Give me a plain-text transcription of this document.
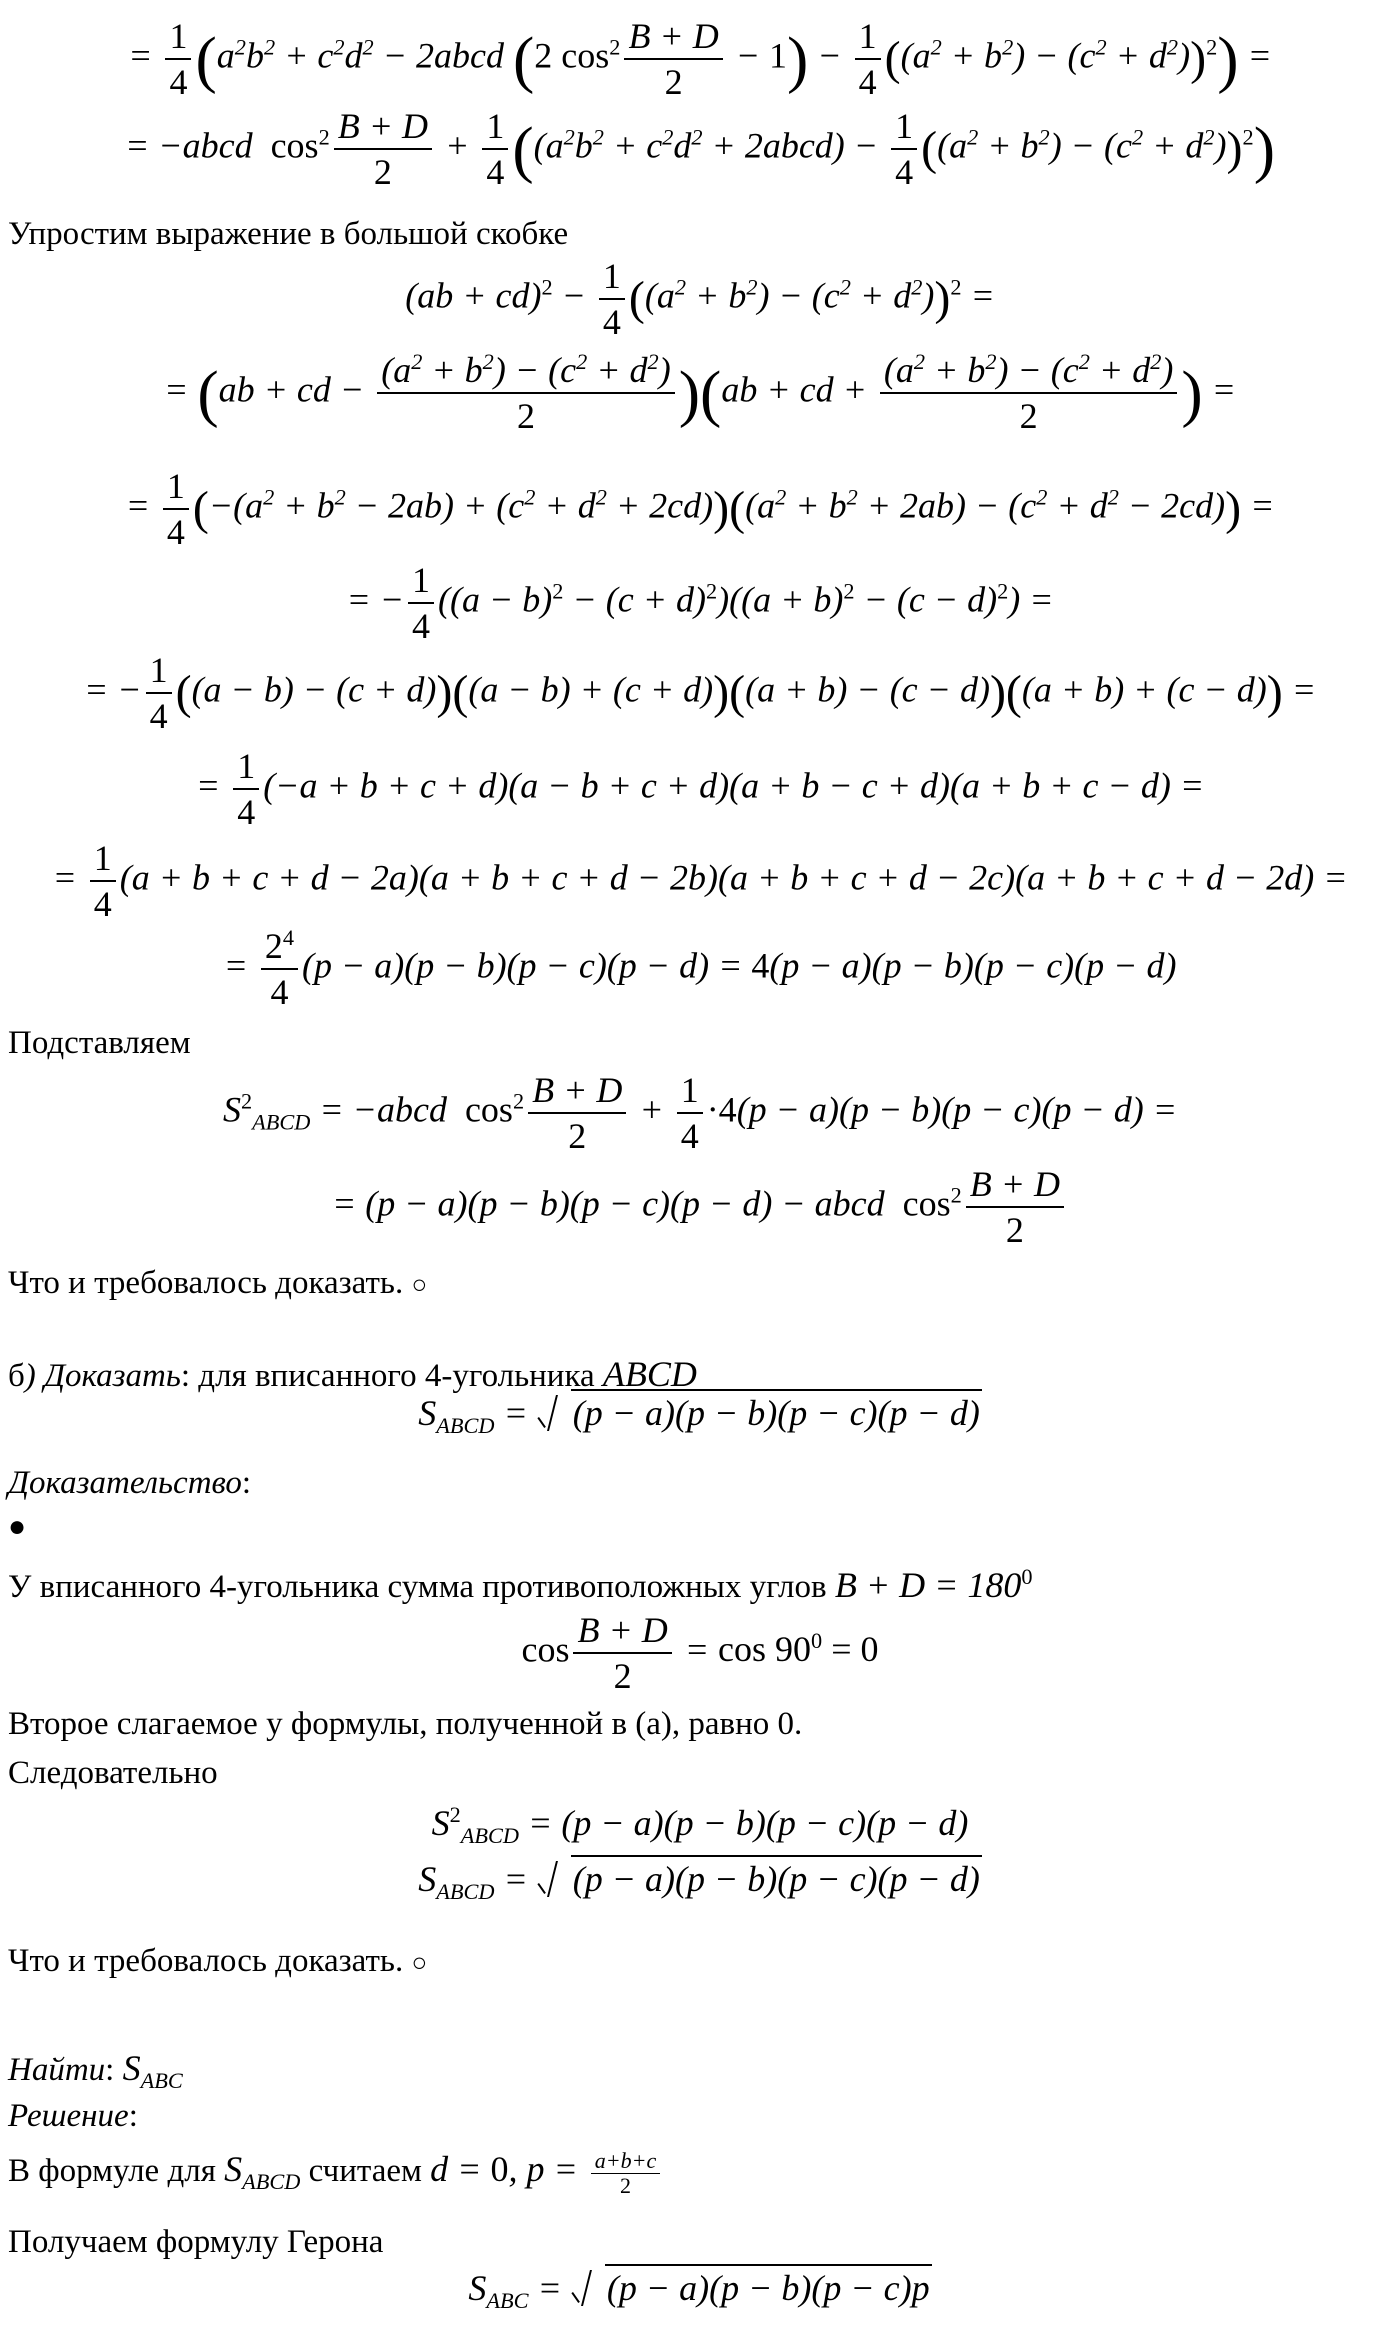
= $\frac{1}{4} (a^2b^2 + c^2d^2$ − 2abcd (2 $\cos^2 \frac{B + D}{2} - 1) - \frac{1}{4} ((a^2 + b^2) - (c^2 + d^2))^2$) =
= −abcd  $\cos^2 \frac{B + D}{2} + \frac{1}{4} ((a^2b^2 + c^2d^2$ + 2abcd) − $\frac{1}{4} ((a^2 + b^2) - (c^2 + d^2))^2$)
Упростим выражение в большой скобке
$(ab + cd)^2 - \frac{1}{4} ((a^2 + b^2) - (c^2 + d^2))^2$ =
= (ab + cd − $\frac{(a^2 + b^2) - (c^2 + d^2)}{2} )(ab$ + cd + $\frac{(a^2 + b^2) - (c^2 + d^2)}{2}$ ) =
= $\frac{1}{4} (-(a^2 + b^2 - 2ab) + (c^2 + d^2 + 2cd))((a^2 + b^2 + 2ab) - (c^2 + d^2 - 2cd))$ =
= − $\frac{1}{4} ((a - b)^2 - (c + d)^2)((a + b)^2 - (c - d)^2)$ =
= − $\frac{1}{4} ((a - b) - (c + d))((a - b) + (c + d))((a + b) - (c - d))((a + b) + (c - d))$ =
= $\frac{1}{4} (-a + b + c + d)(a - b + c + d)(a + b - c + d)(a + b + c - d)$ =
= $\frac{1}{4} (a + b + c + d - 2a)(a + b + c + d - 2b)(a + b + c + d - 2c)(a + b + c + d - 2d)$ =
= $\frac{2^4}{4} (p - a)(p - b)(p - c)(p - d) = 4(p - a)(p - b)(p - c)(p - d)$
Подставляем
$S^2_{ABCD}$ = −abcd  $\cos^2 \frac{B + D}{2} + \frac{1}{4} \cdot 4(p - a)(p - b)(p - c)(p - d)$ =
= (p − a)(p − b)(p − c)(p − d) − abcd  $\cos^2 \frac{B + D}{2}$
Что и требовалось доказать. ○
б) Доказать: для вписанного 4-угольника ABCD
$S_{ABCD}$ =
(p − a)(p − b)(p − c)(p − d)
Доказательство:
●
У вписанного 4-угольника сумма противоположных углов $B + D = 180^0$
$\cos \frac{B + D}{2} = \cos 90^0 = 0$
Второе слагаемое у формулы, полученной в (a), равно 0.
Следовательно
$S^2_{ABCD} = (p - a)(p - b)(p - c)(p - d)$
$S_{ABCD}$ =
(p − a)(p − b)(p − c)(p − d)
Что и требовалось доказать. ○
Найти: $S_{ABC}$
Решение:
В формуле для $S_{ABCD}$ считаем d = 0, $p = \frac{a+b+c}{2}$
Получаем формулу Герона
$S_{ABC}$ =
(p − a)(p − b)(p − c)p
